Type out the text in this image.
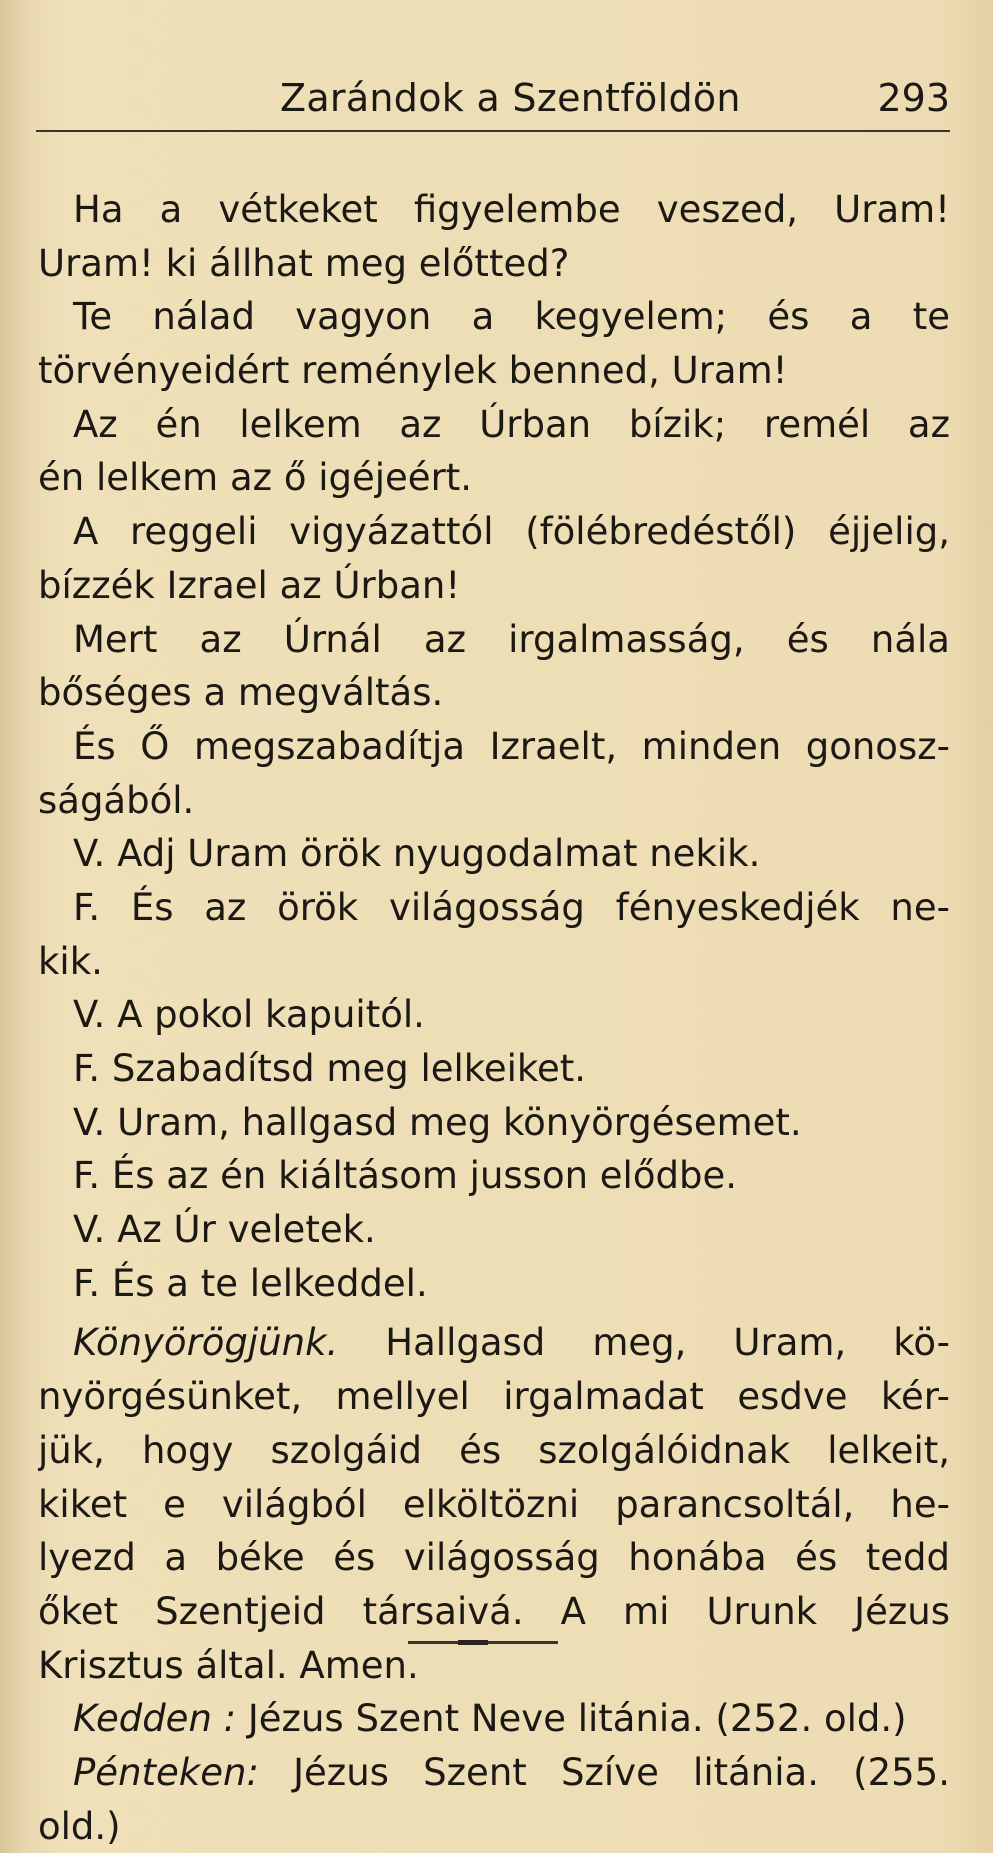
Zarándok a Szentföldön	293
Ha a vétkeket figyelembe veszed, Uram!
Uram! ki állhat meg előtted?
Te nálad vagyon a kegyelem; és a te
törvényeidért remény​lek benned, Uram!
Az én lelkem az Úrban bízik; remél az
én lelkem az ő igéjeért.
A reggeli vigyázattól (fölébredéstől) éjjelig,
bízzék Izrael az Úrban!
Mert az Úrnál az irgalmasság, és nála
bőséges a megváltás.
És Ő megszabadítja Izraelt, minden gonosz-
ságából.
V. Adj Uram örök nyugodalmat nekik.
F. És az örök világosság fényeskedjék ne-
kik.
V. A pokol kapuitól.
F. Szabadítsd meg lelkeiket.
V. Uram, hallgasd meg könyörgésemet.
F. És az én kiáltásom jusson elődbe.
V. Az Úr veletek.
F. És a te lelkeddel.
Könyörögjünk. Hallgasd meg, Uram, kö-
nyörgésünket, mellyel irgalmadat esdve kér-
jük, hogy szolgáid és szolgálóidnak lelkeit,
kiket e világból elköltözni parancsoltál, he-
lyezd a béke és világosság honába és tedd
őket Szentjeid társaivá. A mi Urunk Jézus
Krisztus által. Amen.
Kedden : Jézus Szent Neve litánia. (252. old.)
Pénteken: Jézus Szent Szíve litánia. (255.
old.)
